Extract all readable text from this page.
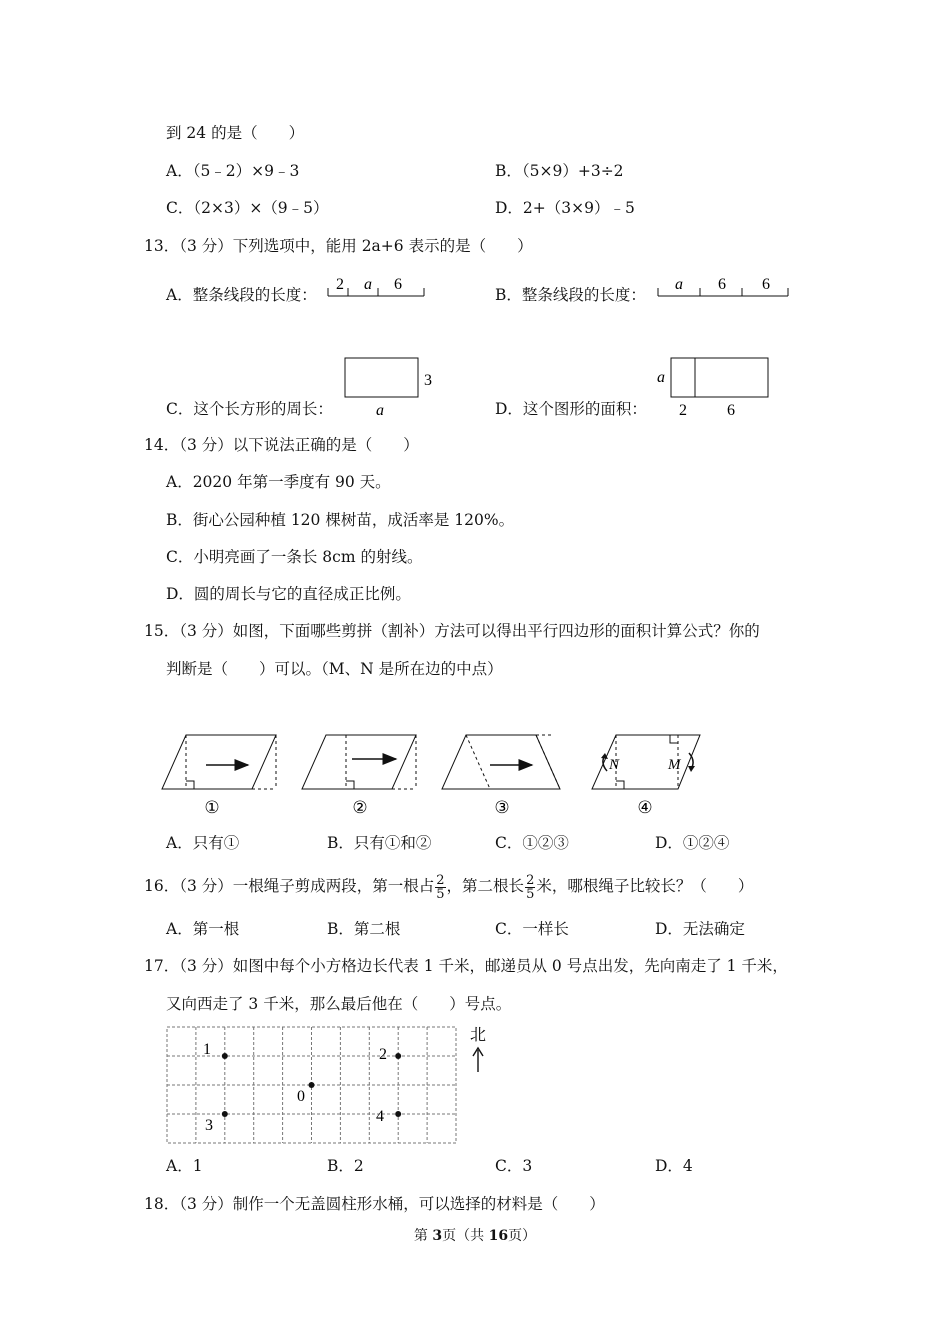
到 24 的是（　　）
A．（5﹣2）×9﹣3	B．（5×9）+3÷2
C．（2×3）×（9﹣5）	D．2+（3×9）﹣5
13．（3 分）下列选项中，能用 2a+6 表示的是（　　）
A．整条线段的长度：
2 a 6
B．整条线段的长度：
a 6 6
3
a
C．这个长方形的周长：
a
2	6
D．这个图形的面积：
14．（3 分）以下说法正确的是（　　）
A．2020 年第一季度有 90 天。
B．街心公园种植 120 棵树苗，成活率是 120%。
C．小明亮画了一条长 8cm 的射线。
D．圆的周长与它的直径成正比例。
15．（3 分）如图，下面哪些剪拼（割补）方法可以得出平行四边形的面积计算公式？你的
判断是（　　）可以。（M、N 是所在边的中点）
①	②	③
N	M
④
A．只有①	B．只有①和②	C．①②③	D．①②④
16．（3 分）一根绳子剪成两段，第一根占 $\frac{2}{5}$ ，第二根长 $\frac{2}{5}$ 米，哪根绳子比较长？（　　）
A．第一根	B．第二根	C．一样长	D．无法确定
17．（3 分）如图中每个小方格边长代表 1 千米，邮递员从 0 号点出发，先向南走了 1 千米，
又向西走了 3 千米，那么最后他在（　　）号点。
0
1	2
3
4
北
A．1	B．2	C．3	D．4
18．（3 分）制作一个无盖圆柱形水桶，可以选择的材料是（　　）
第 3页（共 16页）
